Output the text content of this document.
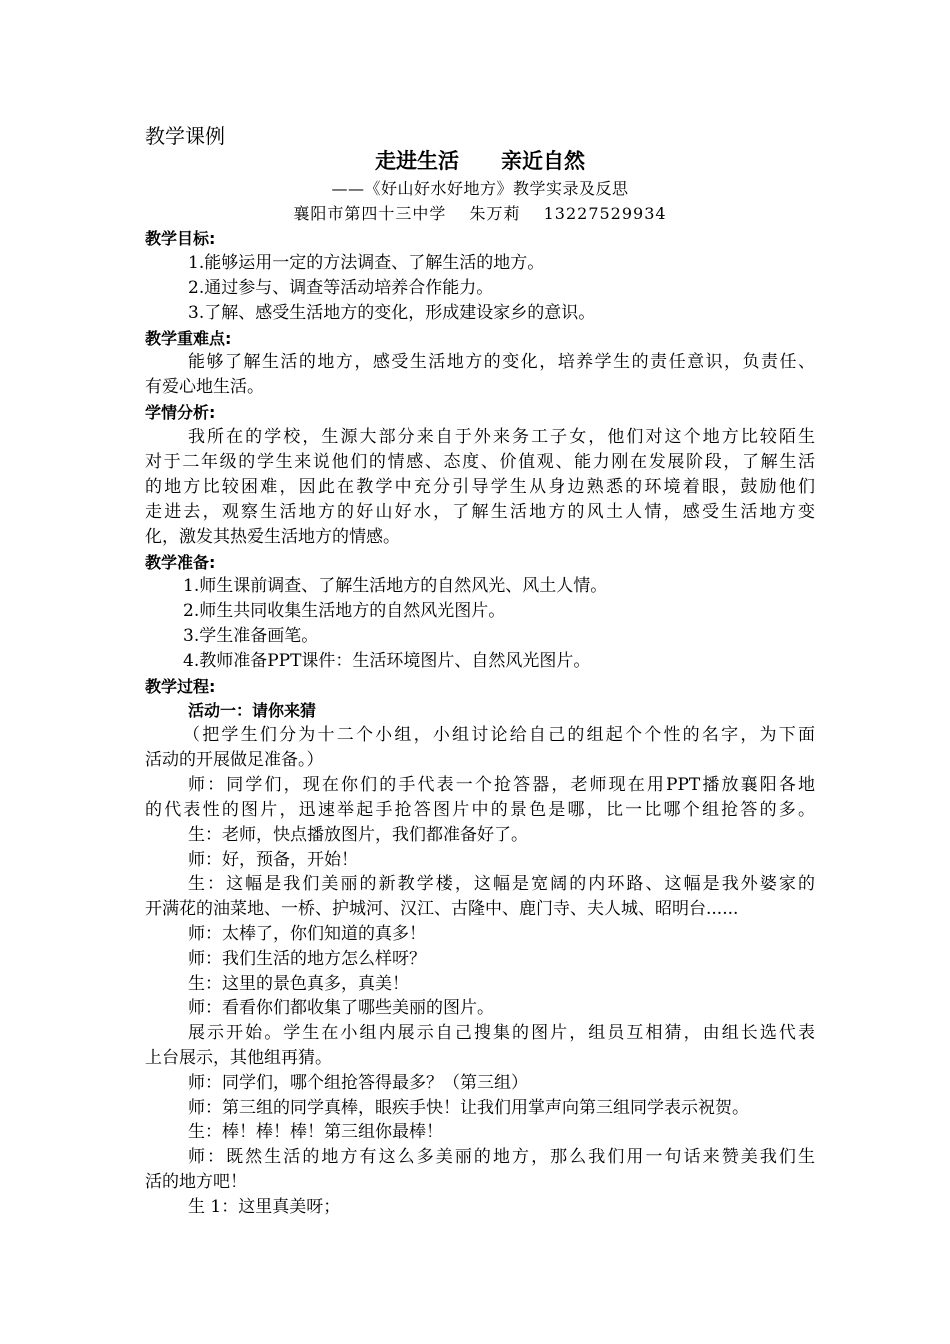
教学课例
走进生活　　亲近自然
——《好山好水好地方》教学实录及反思
襄阳市第四十三中学　 朱万莉　 13227529934
教学目标:
1.能够运用一定的方法调查、了解生活的地方。
2.通过参与、调查等活动培养合作能力。
3.了解、感受生活地方的变化，形成建设家乡的意识。
教学重难点:
能够了解生活的地方，感受生活地方的变化，培养学生的责任意识，负责任、
有爱心地生活。
学情分析:
我所在的学校，生源大部分来自于外来务工子女，他们对这个地方比较陌生
对于二年级的学生来说他们的情感、态度、价值观、能力刚在发展阶段，了解生活
的地方比较困难，因此在教学中充分引导学生从身边熟悉的环境着眼，鼓励他们
走进去，观察生活地方的好山好水，了解生活地方的风土人情，感受生活地方变
化，激发其热爱生活地方的情感。
教学准备:
1.师生课前调查、了解生活地方的自然风光、风土人情。
2.师生共同收集生活地方的自然风光图片。
3.学生准备画笔。
4.教师准备PPT课件：生活环境图片、自然风光图片。
教学过程:
活动一：请你来猜
（把学生们分为十二个小组，小组讨论给自己的组起个个性的名字，为下面
活动的开展做足准备。）
师：同学们，现在你们的手代表一个抢答器，老师现在用PPT播放襄阳各地
的代表性的图片，迅速举起手抢答图片中的景色是哪，比一比哪个组抢答的多。
生：老师，快点播放图片，我们都准备好了。
师：好，预备，开始！
生：这幅是我们美丽的新教学楼，这幅是宽阔的内环路、这幅是我外婆家的
开满花的油菜地、一桥、护城河、汉江、古隆中、鹿门寺、夫人城、昭明台......
师：太棒了，你们知道的真多！
师：我们生活的地方怎么样呀？
生：这里的景色真多，真美！
师：看看你们都收集了哪些美丽的图片。
展示开始。学生在小组内展示自己搜集的图片，组员互相猜，由组长选代表
上台展示，其他组再猜。
师：同学们，哪个组抢答得最多？（第三组）
师：第三组的同学真棒，眼疾手快！让我们用掌声向第三组同学表示祝贺。
生：棒！棒！棒！第三组你最棒！
师：既然生活的地方有这么多美丽的地方，那么我们用一句话来赞美我们生
活的地方吧！
生 1：这里真美呀；
